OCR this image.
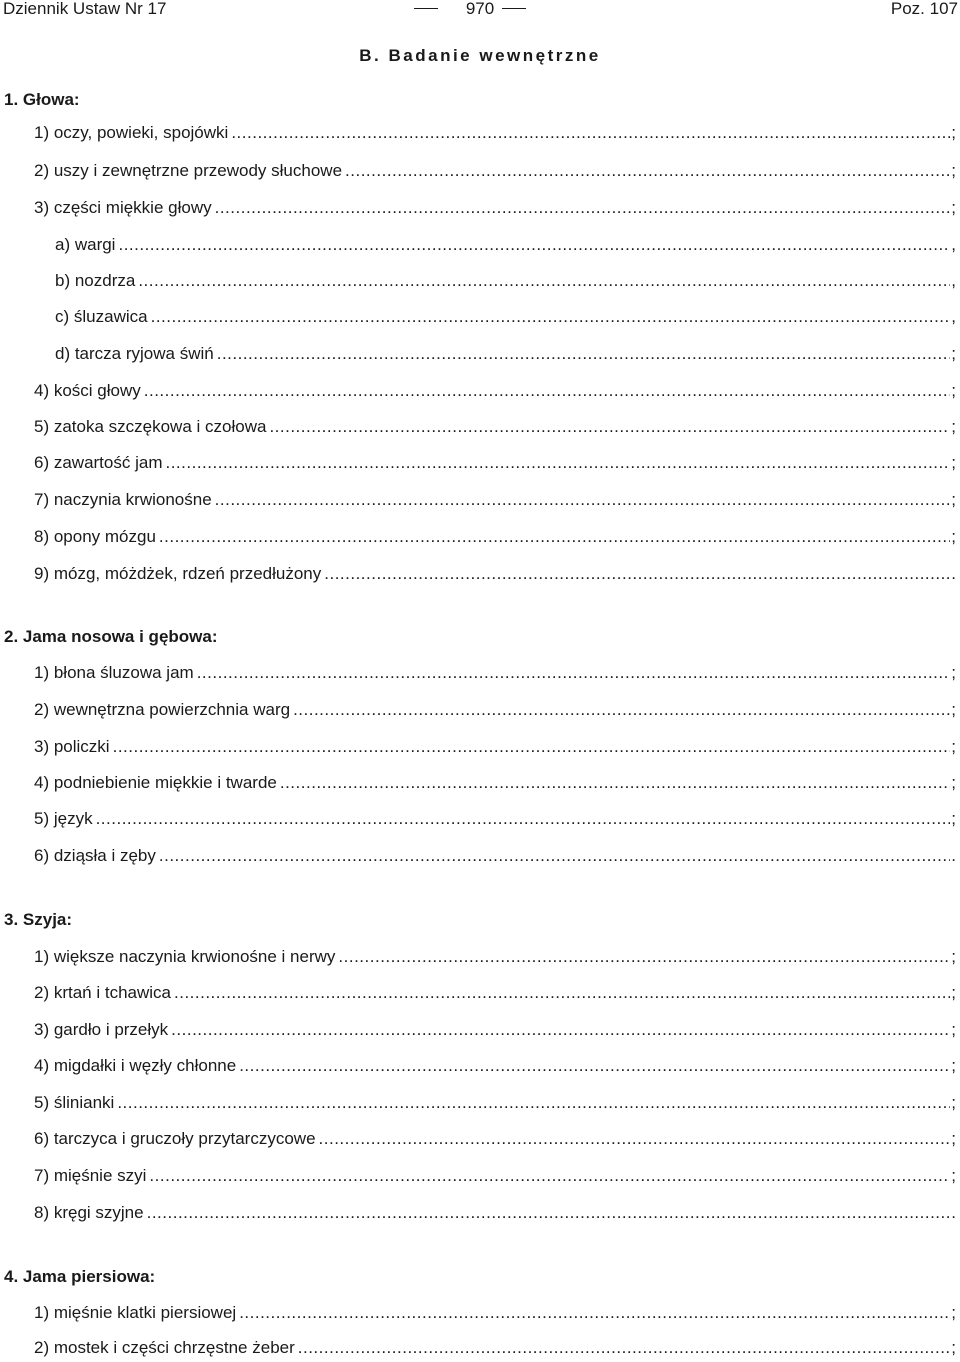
Dziennik Ustaw Nr 17	970	Poz. 107
B. Badanie wewnętrzne
1. Głowa:
1) oczy, powieki, spojówki .....	;
2) uszy i zewnętrzne przewody słuchowe .....	;
3) części miękkie głowy .....	;
a) wargi .....	,
b) nozdrza .....	,
c) śluzawica .....	,
d) tarcza ryjowa świń .....	;
4) kości głowy .....	;
5) zatoka szczękowa i czołowa .....	;
6) zawartość jam .....	;
7) naczynia krwionośne .....	;
8) opony mózgu .....	;
9) mózg, móżdżek, rdzeń przedłużony .....	.
2. Jama nosowa i gębowa:
1) błona śluzowa jam .....	;
2) wewnętrzna powierzchnia warg .....	;
3) policzki .....	;
4) podniebienie miękkie i twarde .....	;
5) język .....	;
6) dziąsła i zęby .....	.
3. Szyja:
1) większe naczynia krwionośne i nerwy .....	;
2) krtań i tchawica .....	;
3) gardło i przełyk .....	;
4) migdałki i węzły chłonne .....	;
5) ślinianki .....	;
6) tarczyca i gruczoły przytarczycowe .....	;
7) mięśnie szyi .....	;
8) kręgi szyjne .....	.
4. Jama piersiowa:
1) mięśnie klatki piersiowej .....	;
2) mostek i części chrzęstne żeber .....	;
